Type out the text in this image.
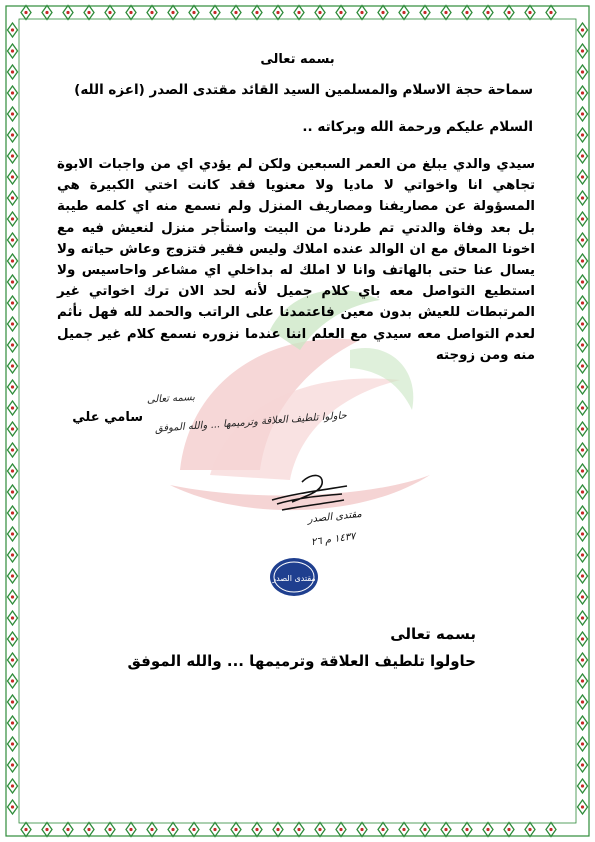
بسمه تعالى

سماحة حجة الاسلام والمسلمين السيد القائد مقتدى الصدر (اعزه الله)

السلام عليكم ورحمة الله وبركاته ..

سيدي والدي يبلغ من العمر السبعين ولكن لم يؤدي اي من واجبات الابوة تجاهي انا واخواتي لا ماديا ولا معنويا فقد كانت اختي الكبيرة هي المسؤولة عن مصاريفنا ومصاريف المنزل ولم نسمع منه اي كلمه طيبة بل بعد وفاة والدتي تم طردنا من البيت واستأجر منزل لنعيش فيه مع اخونا المعاق مع ان الوالد عنده املاك وليس فقير فتزوج وعاش حياته ولا يسال عنا حتى بالهاتف وانا لا املك له بداخلي اي مشاعر واحاسيس ولا استطيع التواصل معه باي كلام جميل لأنه لحد الان ترك اخواتي غير المرتبطات للعيش بدون معين فاعتمدنا على الراتب والحمد لله فهل نأثم لعدم التواصل معه سيدي مع العلم اننا عندما نزوره نسمع كلام غير جميل منه ومن زوجته

سامي علي

بسمه تعالى
حاولوا تلطيف العلاقة وترميمها ... والله الموفق
مقتدى الصدر
١٤٣٧ م ٢٦
مقتدى الصدر

بسمه تعالى

حاولوا تلطيف العلاقة وترميمها ... والله الموفق
